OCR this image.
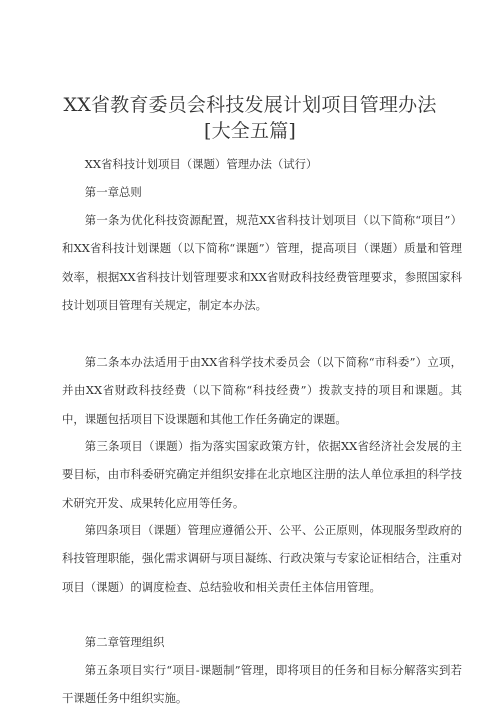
XX省教育委员会科技发展计划项目管理办法
[大全五篇]
XX省科技计划项目（课题）管理办法（试行）
第一章总则
第一条为优化科技资源配置，规范XX省科技计划项目（以下简称“项目”）和XX省科技计划课题（以下简称“课题”）管理，提高项目（课题）质量和管理效率，根据XX省科技计划管理要求和XX省财政科技经费管理要求，参照国家科技计划项目管理有关规定，制定本办法。
第二条本办法适用于由XX省科学技术委员会（以下简称“市科委”）立项，并由XX省财政科技经费（以下简称“科技经费”）拨款支持的项目和课题。其中，课题包括项目下设课题和其他工作任务确定的课题。
第三条项目（课题）指为落实国家政策方针，依据XX省经济社会发展的主要目标，由市科委研究确定并组织安排在北京地区注册的法人单位承担的科学技术研究开发、成果转化应用等任务。
第四条项目（课题）管理应遵循公开、公平、公正原则，体现服务型政府的科技管理职能，强化需求调研与项目凝练、行政决策与专家论证相结合，注重对项目（课题）的调度检查、总结验收和相关责任主体信用管理。
第二章管理组织
第五条项目实行“项目-课题制”管理，即将项目的任务和目标分解落实到若干课题任务中组织实施。
